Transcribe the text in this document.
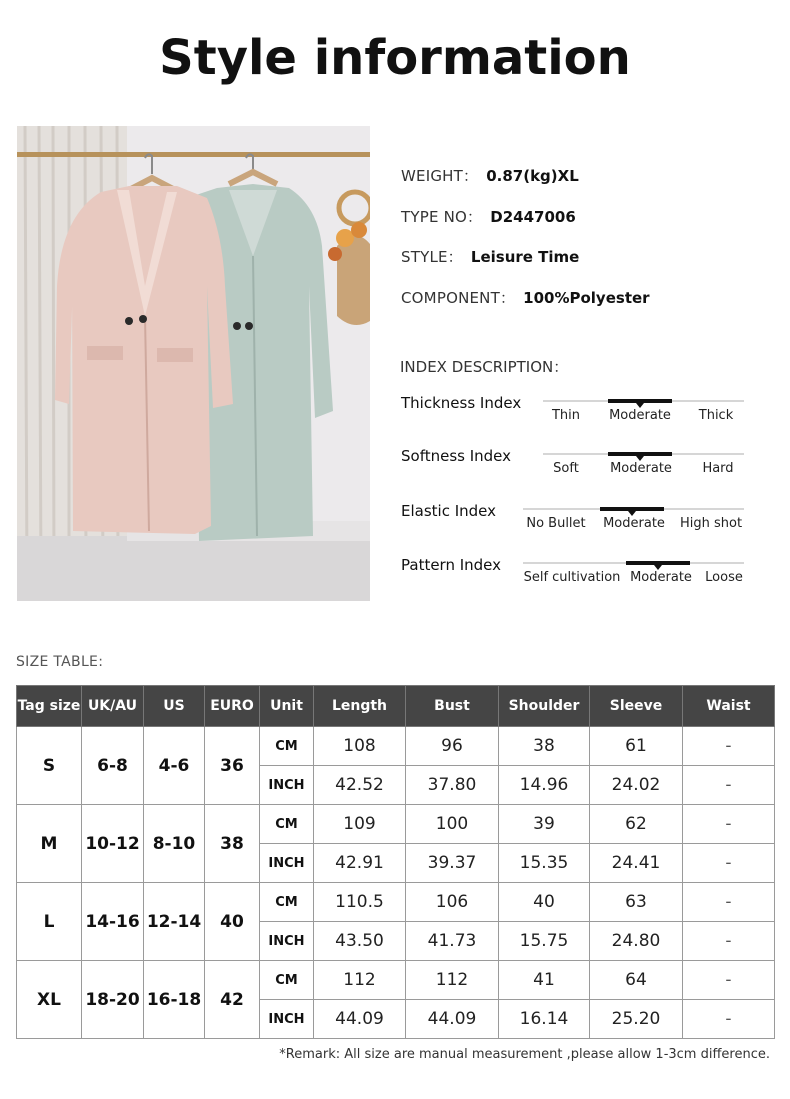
Style information
WEIGHT： 0.87(kg)XL
TYPE NO： D2447006
STYLE： Leisure Time
COMPONENT： 100%Polyester
INDEX DESCRIPTION：
Thickness Index
Thin Moderate Thick
Softness Index
Soft Moderate Hard
Elastic Index
No Bullet Moderate High shot
Pattern Index
Self cultivation Moderate Loose
SIZE TABLE:
Tag size	UK/AU	US	EURO	Unit	Length	Bust	Shoulder	Sleeve	Waist
S	6-8	4-6	36	CM	108	96	38	61	-
				INCH	42.52	37.80	14.96	24.02	-
M	10-12	8-10	38	CM	109	100	39	62	-
				INCH	42.91	39.37	15.35	24.41	-
L	14-16	12-14	40	CM	110.5	106	40	63	-
				INCH	43.50	41.73	15.75	24.80	-
XL	18-20	16-18	42	CM	112	112	41	64	-
				INCH	44.09	44.09	16.14	25.20	-
*Remark: All size are manual measurement ,please allow 1-3cm difference.
